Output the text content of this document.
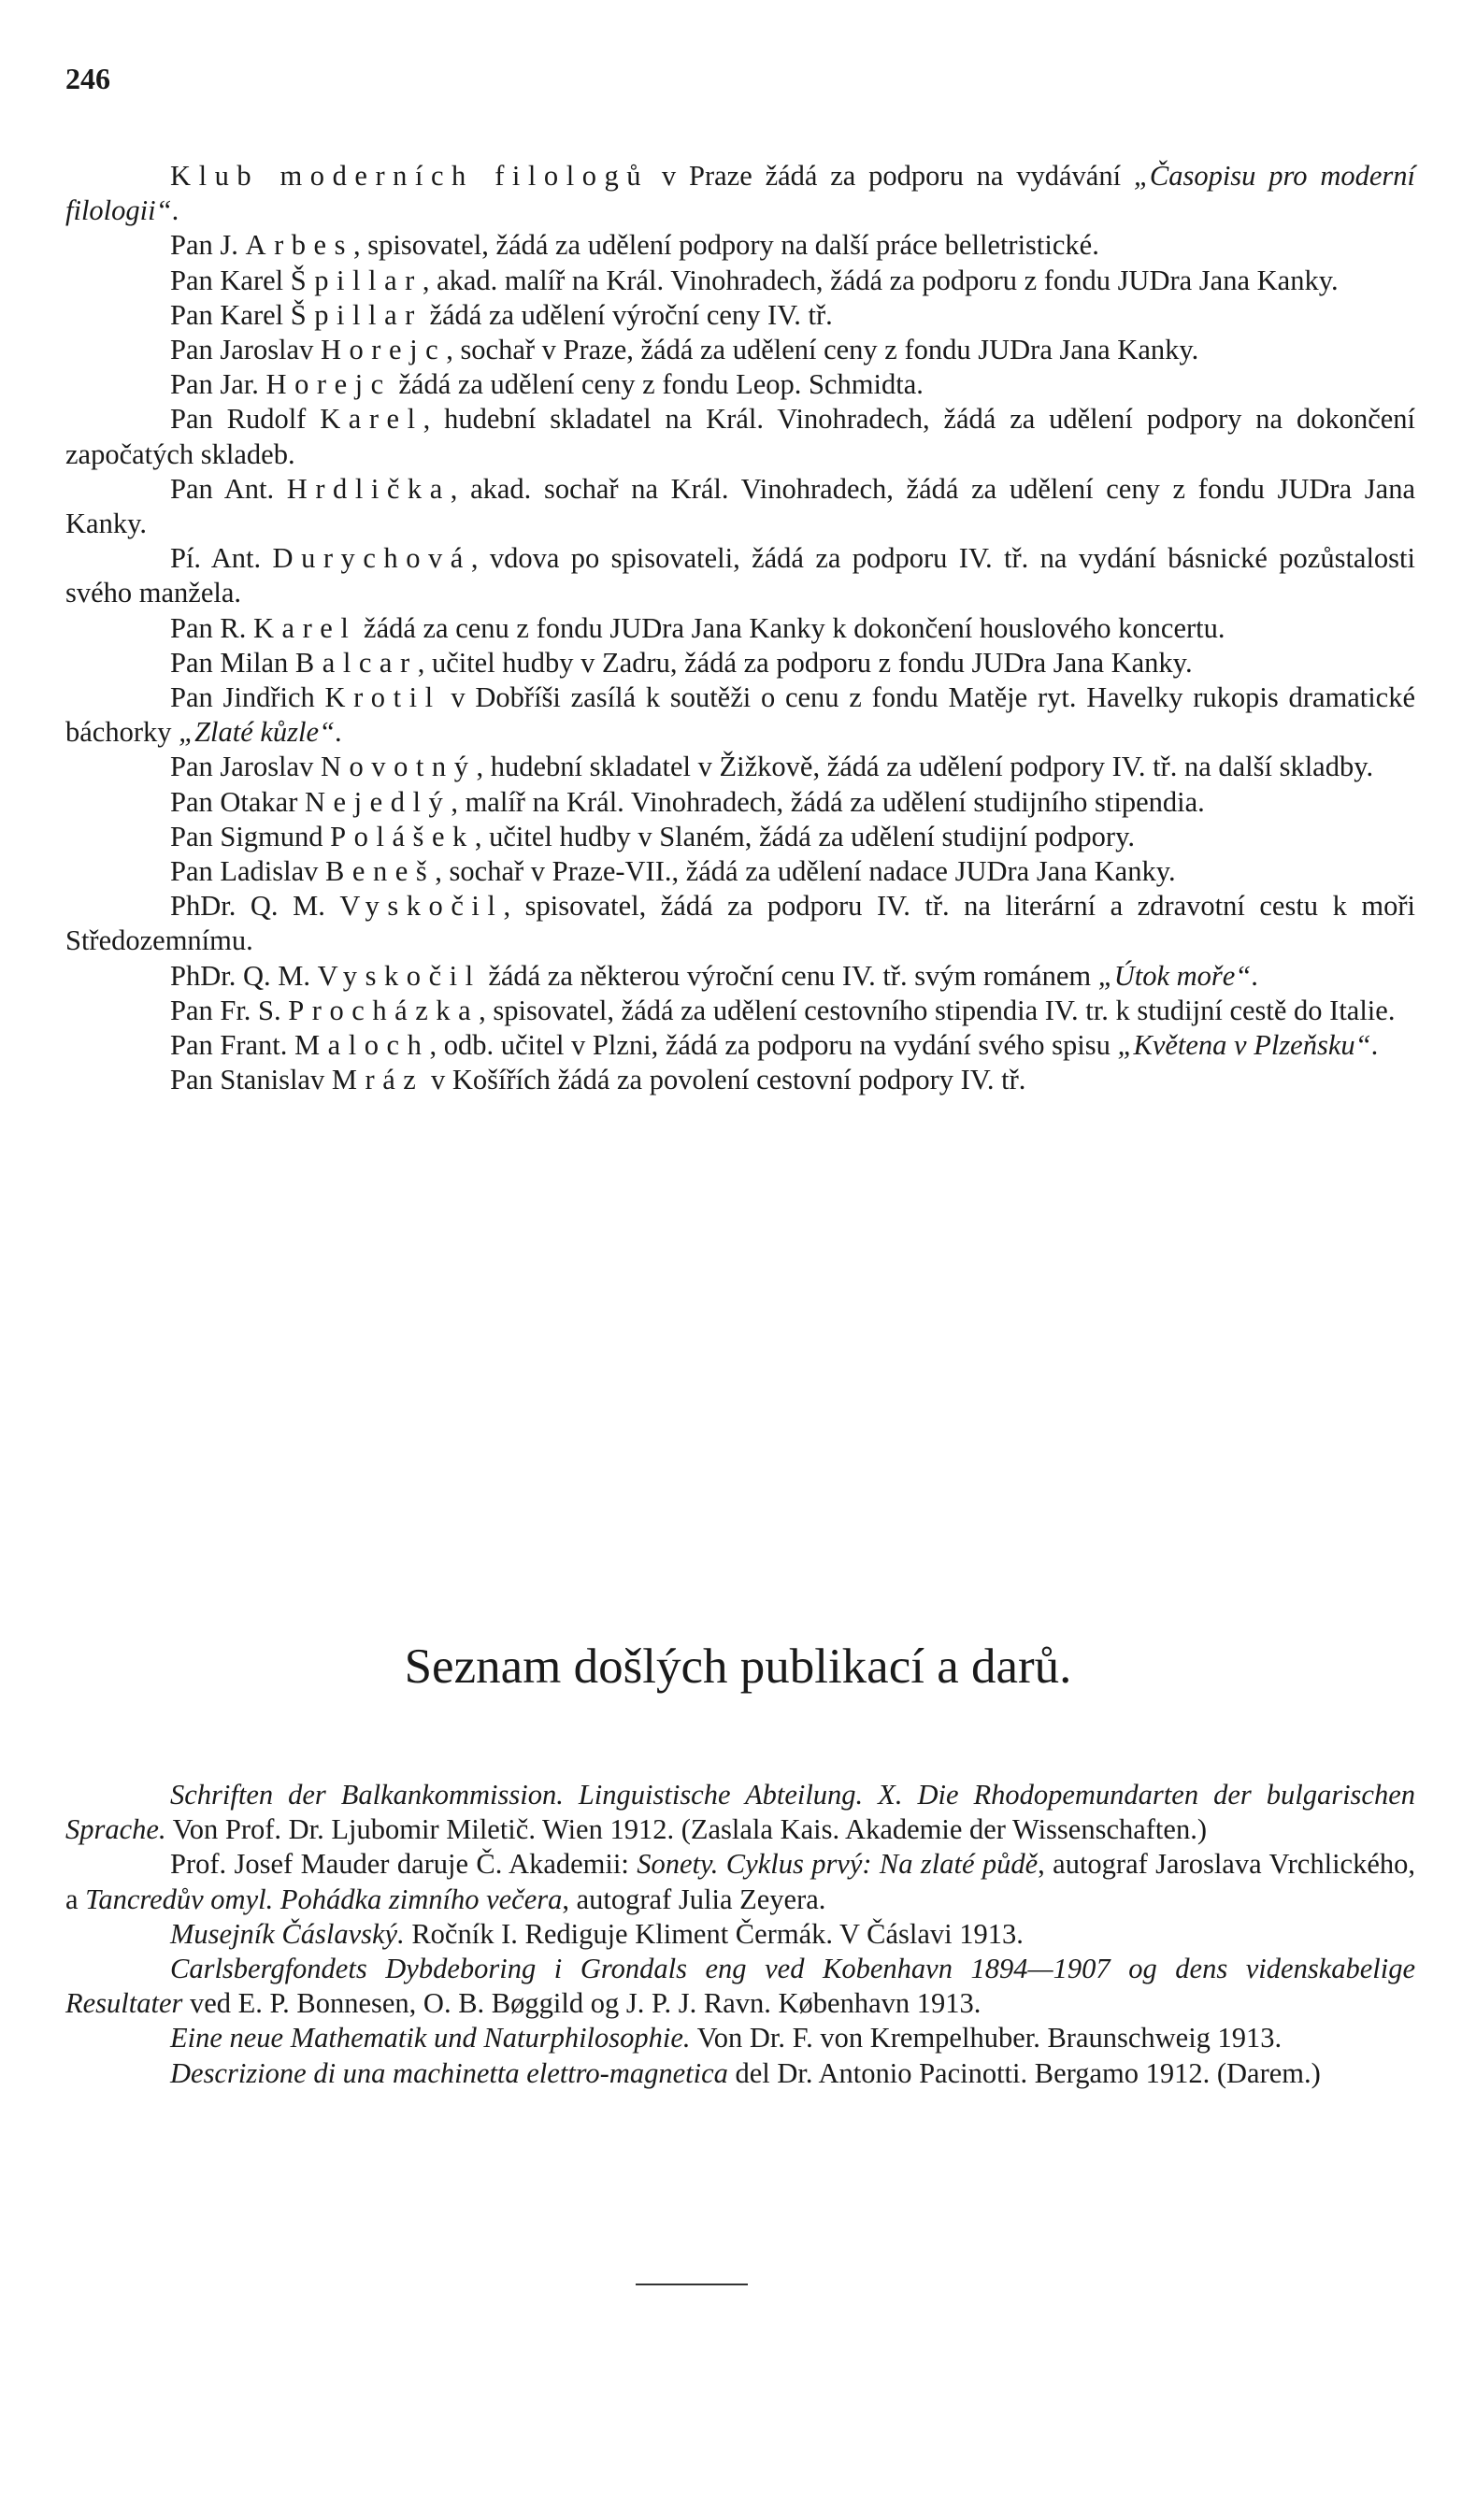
246

Klub moderních filologů v Praze žádá za podporu na vydávání „Časopisu pro moderní filologii“.

Pan J. Arbes, spisovatel, žádá za udělení podpory na další práce belletristické.

Pan Karel Špillar, akad. malíř na Král. Vinohradech, žádá za podporu z fondu JUDra Jana Kanky.

Pan Karel Špillar žádá za udělení výroční ceny IV. tř.

Pan Jaroslav Horejc, sochař v Praze, žádá za udělení ceny z fondu JUDra Jana Kanky.

Pan Jar. Horejc žádá za udělení ceny z fondu Leop. Schmidta.

Pan Rudolf Karel, hudební skladatel na Král. Vinohradech, žádá za udělení podpory na dokončení započatých skladeb.

Pan Ant. Hrdlička, akad. sochař na Král. Vinohradech, žádá za udělení ceny z fondu JUDra Jana Kanky.

Pí. Ant. Durychová, vdova po spisovateli, žádá za podporu IV. tř. na vydání básnické pozůstalosti svého manžela.

Pan R. Karel žádá za cenu z fondu JUDra Jana Kanky k dokončení houslového koncertu.

Pan Milan Balcar, učitel hudby v Zadru, žádá za podporu z fondu JUDra Jana Kanky.

Pan Jindřich Krotil v Dobříši zasílá k soutěži o cenu z fondu Matěje ryt. Havelky rukopis dramatické báchorky „Zlaté kůzle“.

Pan Jaroslav Novotný, hudební skladatel v Žižkově, žádá za udělení podpory IV. tř. na další skladby.

Pan Otakar Nejedlý, malíř na Král. Vinohradech, žádá za udělení studijního stipendia.

Pan Sigmund Polášek, učitel hudby v Slaném, žádá za udělení studijní podpory.

Pan Ladislav Beneš, sochař v Praze-VII., žádá za udělení nadace JUDra Jana Kanky.

PhDr. Q. M. Vyskočil, spisovatel, žádá za podporu IV. tř. na literární a zdravotní cestu k moři Středozemnímu.

PhDr. Q. M. Vyskočil žádá za některou výroční cenu IV. tř. svým románem „Útok moře“.

Pan Fr. S. Procházka, spisovatel, žádá za udělení cestovního stipendia IV. tr. k studijní cestě do Italie.

Pan Frant. Maloch, odb. učitel v Plzni, žádá za podporu na vydání svého spisu „Květena v Plzeňsku“.

Pan Stanislav Mráz v Košířích žádá za povolení cestovní podpory IV. tř.

Seznam došlých publikací a darů.

Schriften der Balkankommission. Linguistische Abteilung. X. Die Rhodopemundarten der bulgarischen Sprache. Von Prof. Dr. Ljubomir Miletič. Wien 1912. (Zaslala Kais. Akademie der Wissenschaften.)

Prof. Josef Mauder daruje Č. Akademii: Sonety. Cyklus prvý: Na zlaté půdě, autograf Jaroslava Vrchlického, a Tancredův omyl. Pohádka zimního večera, autograf Julia Zeyera.

Musejník Čáslavský. Ročník I. Rediguje Kliment Čermák. V Čáslavi 1913.

Carlsbergfondets Dybdeboring i Grondals eng ved Kobenhavn 1894—1907 og dens videnskabelige Resultater ved E. P. Bonnesen, O. B. Bøggild og J. P. J. Ravn. København 1913.

Eine neue Mathematik und Naturphilosophie. Von Dr. F. von Krempelhuber. Braunschweig 1913.

Descrizione di una machinetta elettro-magnetica del Dr. Antonio Pacinotti. Bergamo 1912. (Darem.)
